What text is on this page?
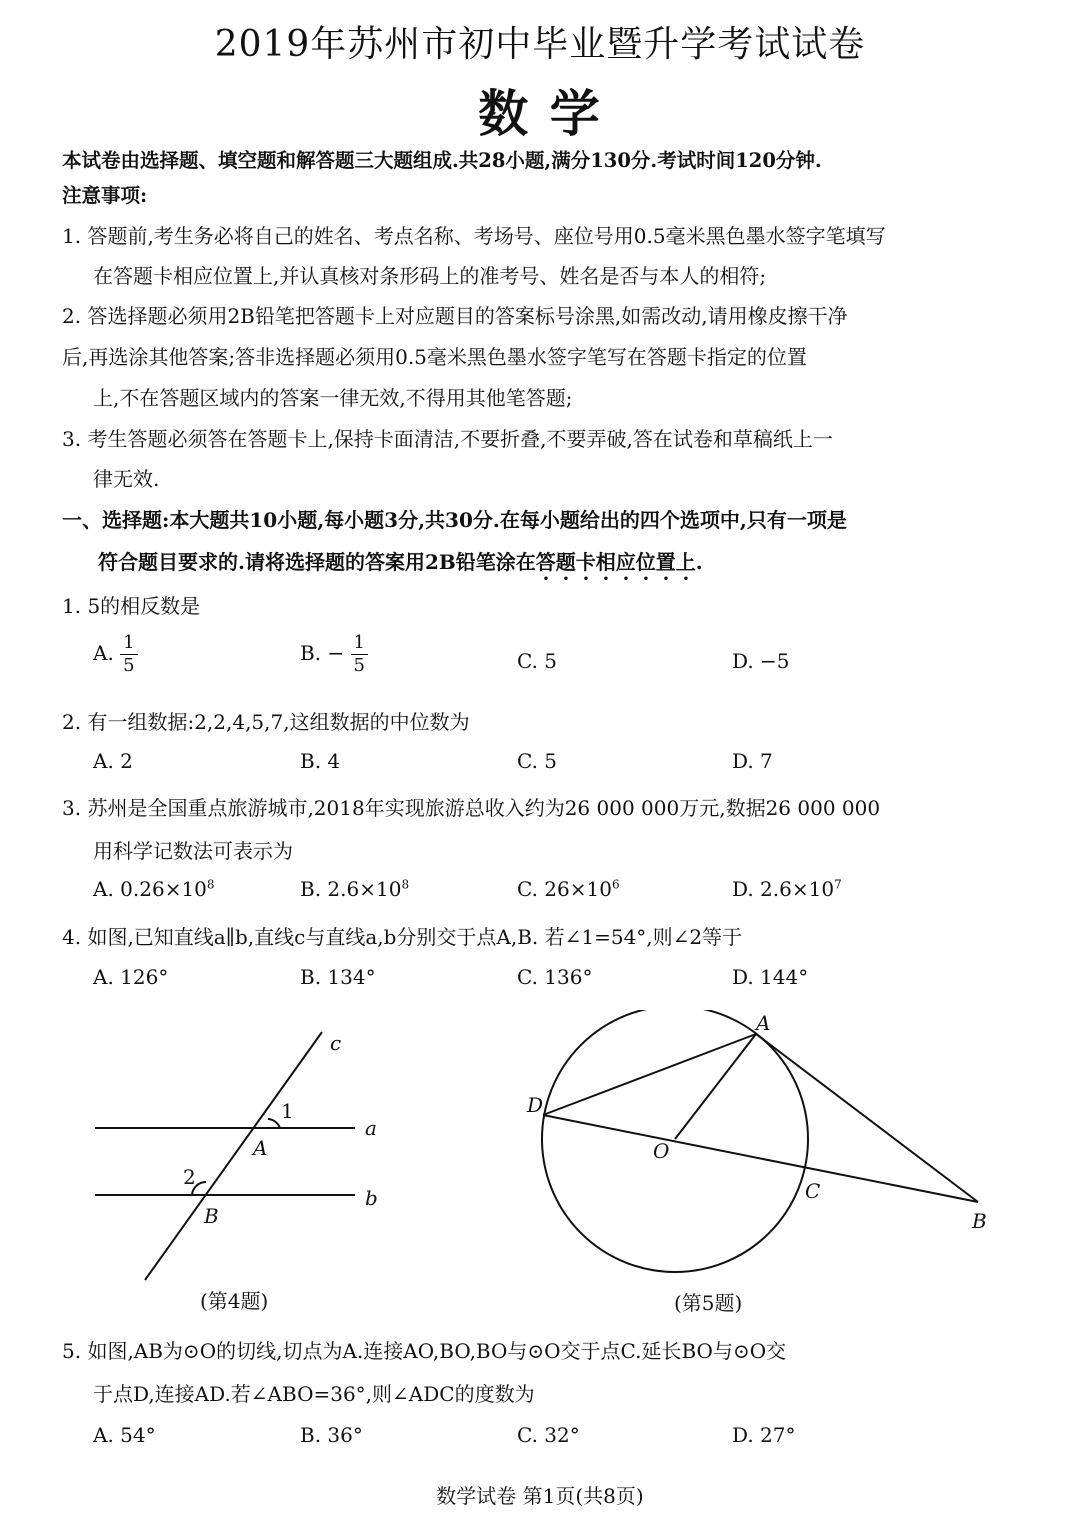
2019年苏州市初中毕业暨升学考试试卷
数 学
本试卷由选择题、填空题和解答题三大题组成.共28小题,满分130分.考试时间120分钟.
注意事项:
1. 答题前,考生务必将自己的姓名、考点名称、考场号、座位号用0.5毫米黑色墨水签字笔填写
在答题卡相应位置上,并认真核对条形码上的准考号、姓名是否与本人的相符;
2. 答选择题必须用2B铅笔把答题卡上对应题目的答案标号涂黑,如需改动,请用橡皮擦干净
后,再选涂其他答案;答非选择题必须用0.5毫米黑色墨水签字笔写在答题卡指定的位置
上,不在答题区域内的答案一律无效,不得用其他笔答题;
3. 考生答题必须答在答题卡上,保持卡面清洁,不要折叠,不要弄破,答在试卷和草稿纸上一
律无效.
一、选择题:本大题共10小题,每小题3分,共30分.在每小题给出的四个选项中,只有一项是
符合题目要求的.请将选择题的答案用2B铅笔涂在答题卡相应位置上.
1. 5的相反数是
A. $\frac{1}{5}$	B. − $\frac{1}{5}$	C. 5	D. −5
2. 有一组数据:2,2,4,5,7,这组数据的中位数为
A. 2	B. 4	C. 5	D. 7
3. 苏州是全国重点旅游城市,2018年实现旅游总收入约为26 000 000万元,数据26 000 000
用科学记数法可表示为
A. $0.26\times 10^8$	B. $2.6\times 10^8$	C. $26\times 10^6$	D. $2.6\times 10^7$
4. 如图,已知直线a∥b,直线c与直线a,b分别交于点A,B. 若∠1=54°,则∠2等于
A. 126°	B. 134°	C. 136°	D. 144°
c
a
b
A
B
1
2
(第4题)
A
B
C
D
O
(第5题)
5. 如图,AB为⊙O的切线,切点为A.连接AO,BO,BO与⊙O交于点C.延长BO与⊙O交
于点D,连接AD.若∠ABO=36°,则∠ADC的度数为
A. 54°	B. 36°	C. 32°	D. 27°
数学试卷 第1页(共8页)
